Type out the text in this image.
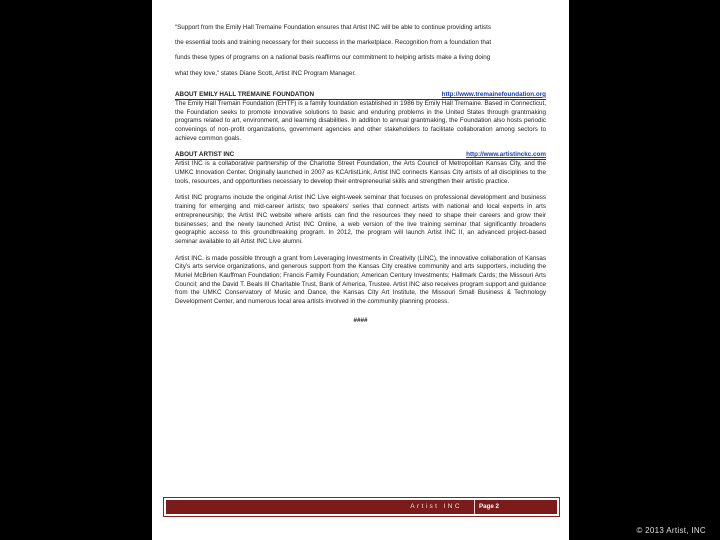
“Support from the Emily Hall Tremaine Foundation ensures that Artist INC will be able to continue providing artists

the essential tools and training necessary for their success in the marketplace. Recognition from a foundation that

funds these types of programs on a national basis reaffirms our commitment to helping artists make a living doing

what they love,” states Diane Scott, Artist INC Program Manager.

ABOUT EMILY HALL TREMAINE FOUNDATION	http://www.tremainefoundation.org

The Emily Hall Tremain Foundation (EHTF) is a family foundation established in 1986 by Emily Hall Tremaine. Based in Connecticut, the Foundation seeks to promote innovative solutions to basic and enduring problems in the United States through grantmaking programs related to art, environment, and learning disabilities. In addition to annual grantmaking, the Foundation also hosts periodic convenings of non-profit organizations, government agencies and other stakeholders to facilitate collaboration among sectors to achieve common goals.

ABOUT ARTIST INC	http://www.artistinckc.com

Artist INC is a collaborative partnership of the Charlotte Street Foundation, the Arts Council of Metropolitan Kansas City, and the UMKC Innovation Center. Originally launched in 2007 as KCArtistLink, Artist INC connects Kansas City artists of all disciplines to the tools, resources, and opportunities necessary to develop their entrepreneurial skills and strengthen their artistic practice.

Artist INC programs include the original Artist INC Live eight-week seminar that focuses on professional development and business training for emerging and mid-career artists; two speakers’ series that connect artists with national and local experts in arts entrepreneurship; the Artist INC website where artists can find the resources they need to shape their careers and grow their businesses; and the newly launched Artist INC Online, a web version of the live training seminar that significantly broadens geographic access to this groundbreaking program. In 2012, the program will launch Artist INC II, an advanced project-based seminar available to all Artist INC Live alumni.

Artist INC. is made possible through a grant from Leveraging Investments in Creativity (LINC), the innovative collaboration of Kansas City’s arts service organizations, and generous support from the Kansas City creative community and arts supporters, including the Muriel McBrien Kauffman Foundation; Francis Family Foundation; American Century Investments; Hallmark Cards; the Missouri Arts Council; and the David T. Beals III Charitable Trust, Bank of America, Trustee. Artist INC also receives program support and guidance from the UMKC Conservatory of Music and Dance, the Kansas City Art Institute, the Missouri Small Business & Technology Development Center, and numerous local area artists involved in the community planning process.

####
Artist INC	Page 2
© 2013 Artist, INC
